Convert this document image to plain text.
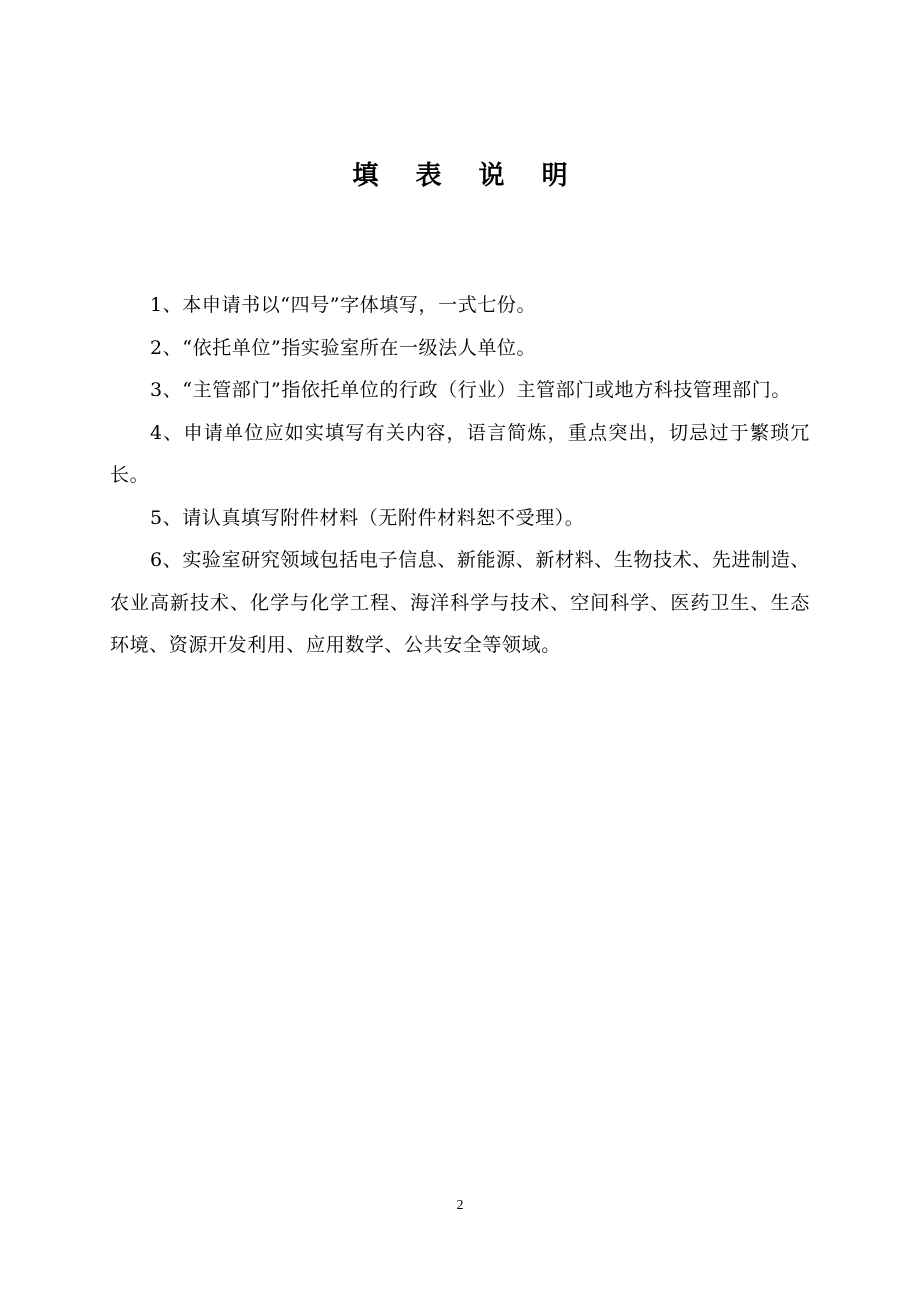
填 表 说 明

1、本申请书以“四号”字体填写，一式七份。

2、“依托单位”指实验室所在一级法人单位。

3、“主管部门”指依托单位的行政（行业）主管部门或地方科技管理部门。

4、申请单位应如实填写有关内容，语言简炼，重点突出，切忌过于繁琐冗长。

5、请认真填写附件材料（无附件材料恕不受理）。

6、实验室研究领域包括电子信息、新能源、新材料、生物技术、先进制造、农业高新技术、化学与化学工程、海洋科学与技术、空间科学、医药卫生、生态环境、资源开发利用、应用数学、公共安全等领域。

2
